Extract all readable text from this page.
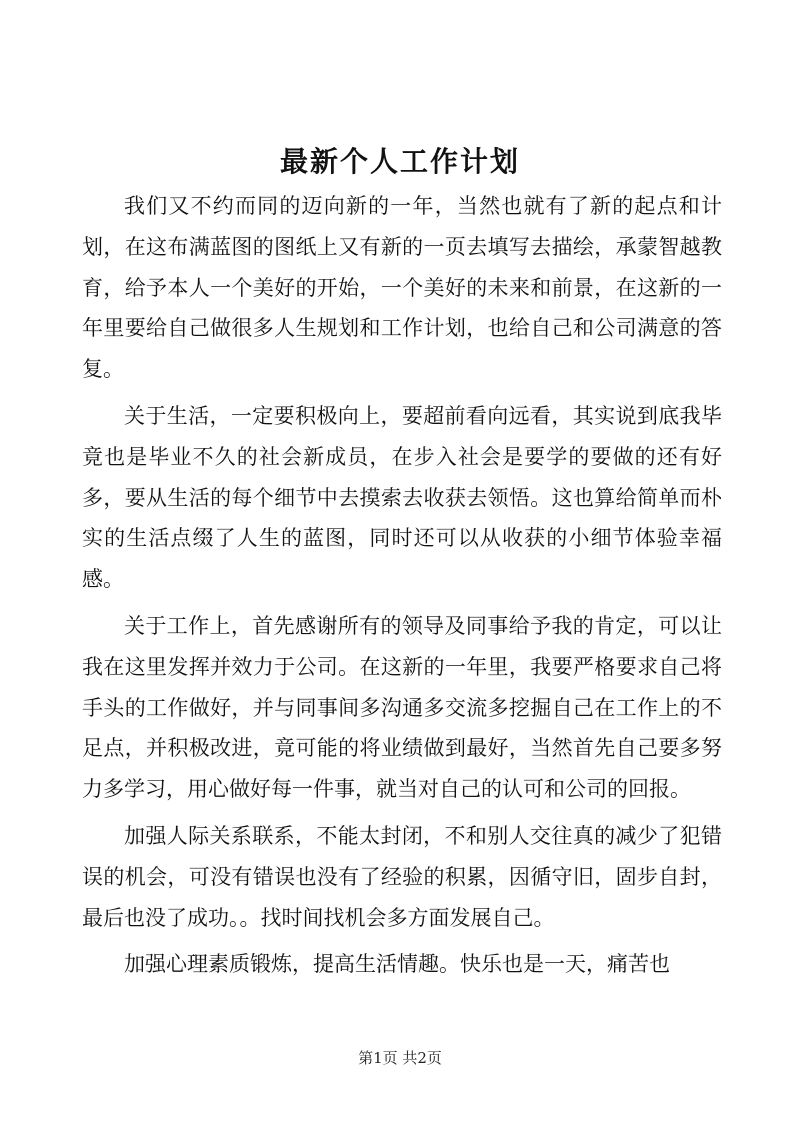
最新个人工作计划

我们又不约而同的迈向新的一年，当然也就有了新的起点和计划，在这布满蓝图的图纸上又有新的一页去填写去描绘，承蒙智越教育，给予本人一个美好的开始，一个美好的未来和前景，在这新的一年里要给自己做很多人生规划和工作计划，也给自己和公司满意的答复。

关于生活，一定要积极向上，要超前看向远看，其实说到底我毕竟也是毕业不久的社会新成员，在步入社会是要学的要做的还有好多，要从生活的每个细节中去摸索去收获去领悟。这也算给简单而朴实的生活点缀了人生的蓝图，同时还可以从收获的小细节体验幸福感。

关于工作上，首先感谢所有的领导及同事给予我的肯定，可以让我在这里发挥并效力于公司。在这新的一年里，我要严格要求自己将手头的工作做好，并与同事间多沟通多交流多挖掘自己在工作上的不足点，并积极改进，竟可能的将业绩做到最好，当然首先自己要多努力多学习，用心做好每一件事，就当对自己的认可和公司的回报。

加强人际关系联系，不能太封闭，不和别人交往真的减少了犯错误的机会，可没有错误也没有了经验的积累，因循守旧，固步自封，最后也没了成功。。找时间找机会多方面发展自己。

加强心理素质锻炼，提高生活情趣。快乐也是一天，痛苦也

第1页 共2页
